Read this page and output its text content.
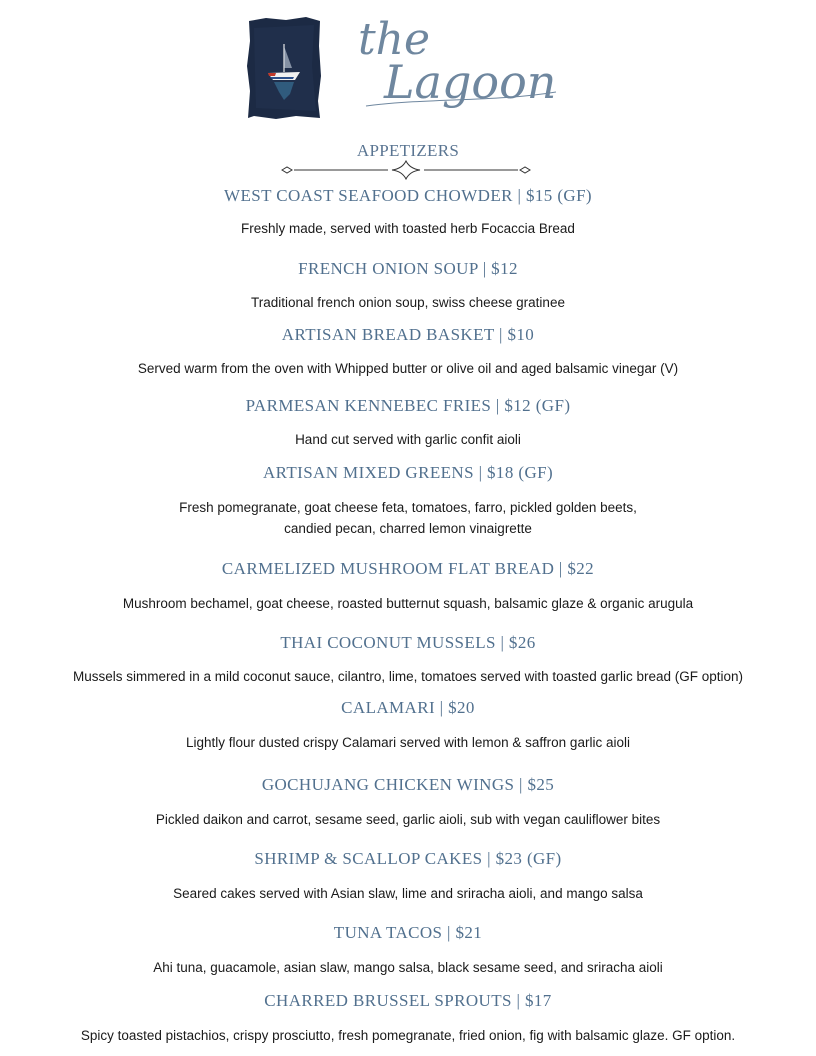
the
Lagoon
APPETIZERS
WEST COAST SEAFOOD CHOWDER | $15 (GF)
Freshly made, served with toasted herb Focaccia Bread
FRENCH ONION SOUP | $12
Traditional french onion soup, swiss cheese gratinee
ARTISAN BREAD BASKET | $10
Served warm from the oven with Whipped butter or olive oil and aged balsamic vinegar (V)
PARMESAN KENNEBEC FRIES | $12 (GF)
Hand cut served with garlic confit aioli
ARTISAN MIXED GREENS | $18 (GF)
Fresh pomegranate, goat cheese feta, tomatoes, farro, pickled golden beets,
candied pecan, charred lemon vinaigrette
CARMELIZED MUSHROOM FLAT BREAD | $22
Mushroom bechamel, goat cheese, roasted butternut squash, balsamic glaze & organic arugula
THAI COCONUT MUSSELS | $26
Mussels simmered in a mild coconut sauce, cilantro, lime, tomatoes served with toasted garlic bread (GF option)
CALAMARI | $20
Lightly flour dusted crispy Calamari served with lemon & saffron garlic aioli
GOCHUJANG CHICKEN WINGS | $25
Pickled daikon and carrot, sesame seed, garlic aioli, sub with vegan cauliflower bites
SHRIMP & SCALLOP CAKES | $23 (GF)
Seared cakes served with Asian slaw, lime and sriracha aioli, and mango salsa
TUNA TACOS | $21
Ahi tuna, guacamole, asian slaw, mango salsa, black sesame seed, and sriracha aioli
CHARRED BRUSSEL SPROUTS | $17
Spicy toasted pistachios, crispy prosciutto, fresh pomegranate, fried onion, fig with balsamic glaze. GF option.
